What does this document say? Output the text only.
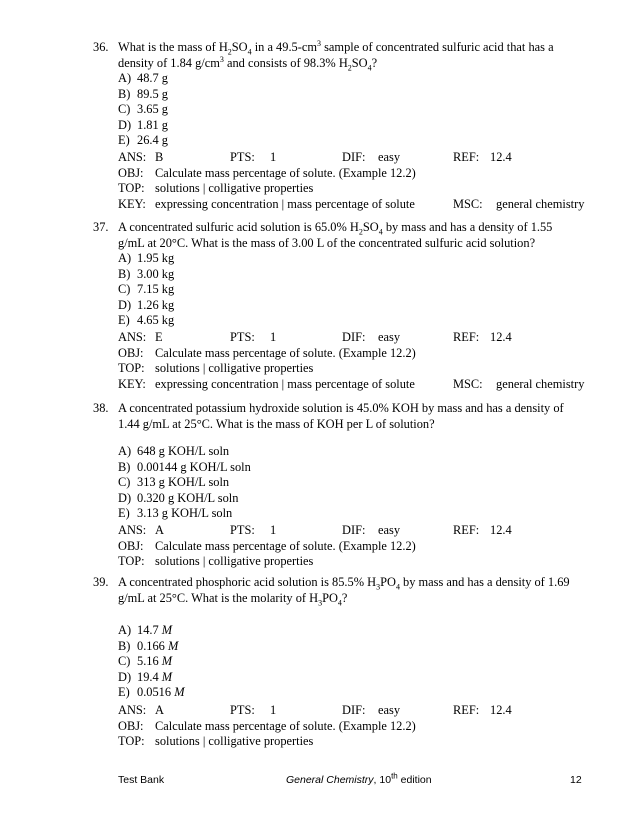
36. What is the mass of $H_2SO_4$ in a $49.5-cm^3$ sample of concentrated sulfuric acid that has a
density of 1.84 $g/cm^3$ and consists of 98.3% $H_2SO_4$?
A) 48.7 g
B) 89.5 g
C) 3.65 g
D) 1.81 g
E) 26.4 g
ANS: B	PTS: 1	DIF: easy	REF: 12.4
OBJ: Calculate mass percentage of solute. (Example 12.2)
TOP: solutions | colligative properties
KEY: expressing concentration | mass percentage of solute	MSC: general chemistry
37. A concentrated sulfuric acid solution is 65.0% $H_2SO_4$ by mass and has a density of 1.55
g/mL at 20°C. What is the mass of 3.00 L of the concentrated sulfuric acid solution?
A) 1.95 kg
B) 3.00 kg
C) 7.15 kg
D) 1.26 kg
E) 4.65 kg
ANS: E	PTS: 1	DIF: easy	REF: 12.4
OBJ: Calculate mass percentage of solute. (Example 12.2)
TOP: solutions | colligative properties
KEY: expressing concentration | mass percentage of solute	MSC: general chemistry
38. A concentrated potassium hydroxide solution is 45.0% KOH by mass and has a density of
1.44 g/mL at 25°C. What is the mass of KOH per L of solution?
A) 648 g KOH/L soln
B) 0.00144 g KOH/L soln
C) 313 g KOH/L soln
D) 0.320 g KOH/L soln
E) 3.13 g KOH/L soln
ANS: A	PTS: 1	DIF: easy	REF: 12.4
OBJ: Calculate mass percentage of solute. (Example 12.2)
TOP: solutions | colligative properties
39. A concentrated phosphoric acid solution is 85.5% $H_3PO_4$ by mass and has a density of 1.69
g/mL at 25°C. What is the molarity of $H_3PO_4$?
A) 14.7 M
B) 0.166 M
C) 5.16 M
D) 19.4 M
E) 0.0516 M
ANS: A	PTS: 1	DIF: easy	REF: 12.4
OBJ: Calculate mass percentage of solute. (Example 12.2)
TOP: solutions | colligative properties
Test Bank	General Chemistry, 10th edition	12
